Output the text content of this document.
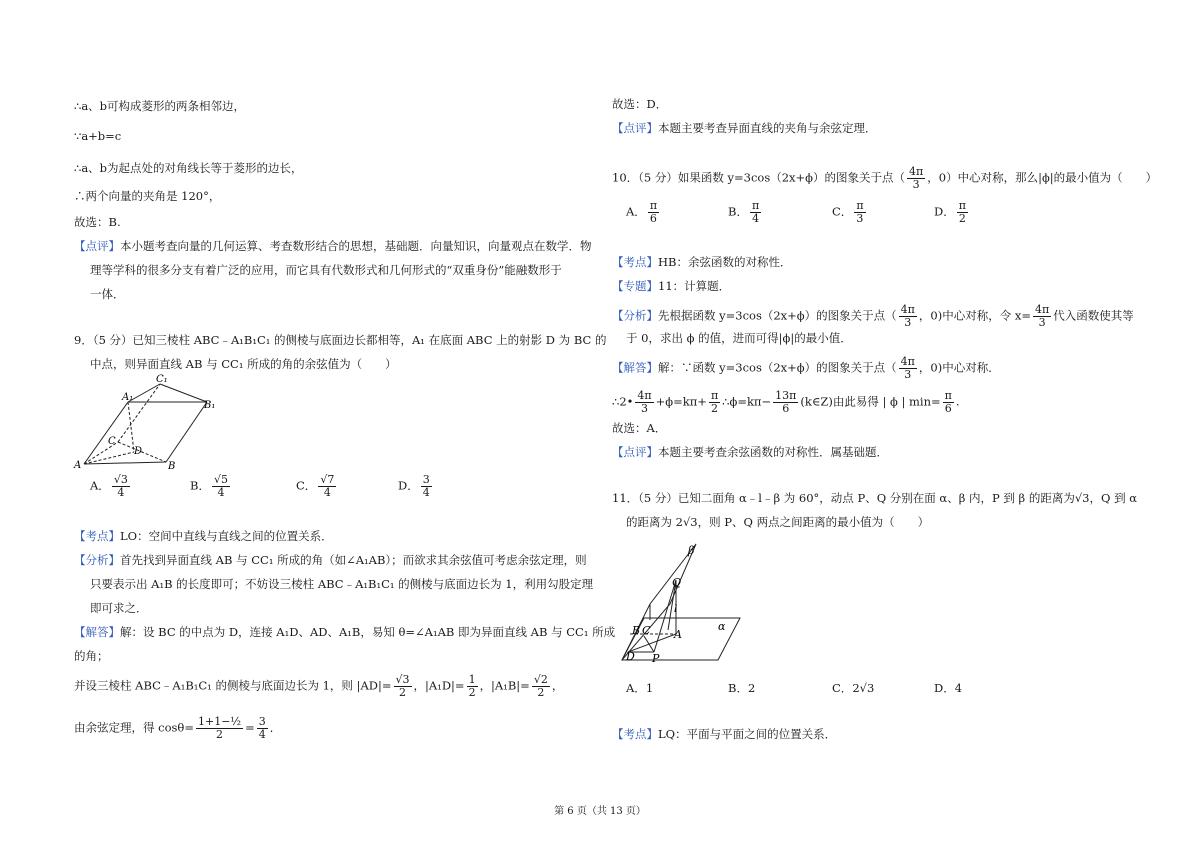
∴a、b可构成菱形的两条相邻边，
∵a+b=c
∴a、b为起点处的对角线长等于菱形的边长，
∴两个向量的夹角是 120°，
故选：B.
【点评】本小题考查向量的几何运算、考查数形结合的思想，基础题．向量知识，向量观点在数学．物
理等学科的很多分支有着广泛的应用，而它具有代数形式和几何形式的“双重身份”能融数形于
一体．
9．（5 分）已知三棱柱 ABC﹣A₁B₁C₁ 的侧棱与底面边长都相等，A₁ 在底面 ABC 上的射影 D 为 BC 的
中点，则异面直线 AB 与 CC₁ 所成的角的余弦值为（　　）
C₁
A₁
B₁
C
D
A	B
A． $\frac{√3}{4}$	B． $\frac{√5}{4}$	C． $\frac{√7}{4}$	D． $\frac{3}{4}$
【考点】LO：空间中直线与直线之间的位置关系．
【分析】首先找到异面直线 AB 与 CC₁ 所成的角（如∠A₁AB）；而欲求其余弦值可考虑余弦定理，则
只要表示出 A₁B 的长度即可；不妨设三棱柱 ABC﹣A₁B₁C₁ 的侧棱与底面边长为 1，利用勾股定理
即可求之．
【解答】解：设 BC 的中点为 D，连接 A₁D、AD、A₁B，易知 θ=∠A₁AB 即为异面直线 AB 与 CC₁ 所成
的角；
并设三棱柱 ABC﹣A₁B₁C₁ 的侧棱与底面边长为 1，则 $|AD|= \frac{√3}{2}$ ，$|A_1D|= \frac{1}{2}$ ，$|A_1B|= \frac{√2}{2}$ ，
由余弦定理，得 $\cos\theta= \frac{\text{1+1−½}}{2} = \frac{3}{4}$ ．
故选：D．
【点评】本题主要考查异面直线的夹角与余弦定理．
10．（5 分）如果函数 y=3cos（2x+ϕ）的图象关于点（ $\frac{4\pi}{3}$ ，0）中心对称，那么|ϕ|的最小值为（　　）
A． $\frac{\pi}{6}$	B． $\frac{\pi}{4}$	C． $\frac{\pi}{3}$	D． $\frac{\pi}{2}$
【考点】HB：余弦函数的对称性．
【专题】11：计算题．
【分析】先根据函数 y=3cos（2x+ϕ）的图象关于点（ $\frac{4\pi}{3}$ ，0)中心对称，令 $x= \frac{4\pi}{3}$ 代入函数使其等
于 0，求出 ϕ 的值，进而可得|ϕ|的最小值．
【解答】解：∵函数 y=3cos（2x+ϕ）的图象关于点（ $\frac{4\pi}{3}$ ，0)中心对称．
∴2• $\frac{4\pi}{3} +\phi=k\pi+ \frac{\pi}{2}$ ∴ϕ=kπ− $\frac{13\pi}{6}$ (k∈Z)由此易得 | ϕ | $\min= \frac{\pi}{6}$ .
故选：A．
【点评】本题主要考查余弦函数的对称性．属基础题．
11．（5 分）已知二面角 α﹣l﹣β 为 60°，动点 P、Q 分别在面 α、β 内，P 到 β 的距离为√3，Q 到 α
的距离为 2√3，则 P、Q 两点之间距离的最小值为（　　）
β
α
Q
l
A
B C
D P
A．1	B．2	C．2√3	D．4
【考点】LQ：平面与平面之间的位置关系．
第 6 页（共 13 页）
